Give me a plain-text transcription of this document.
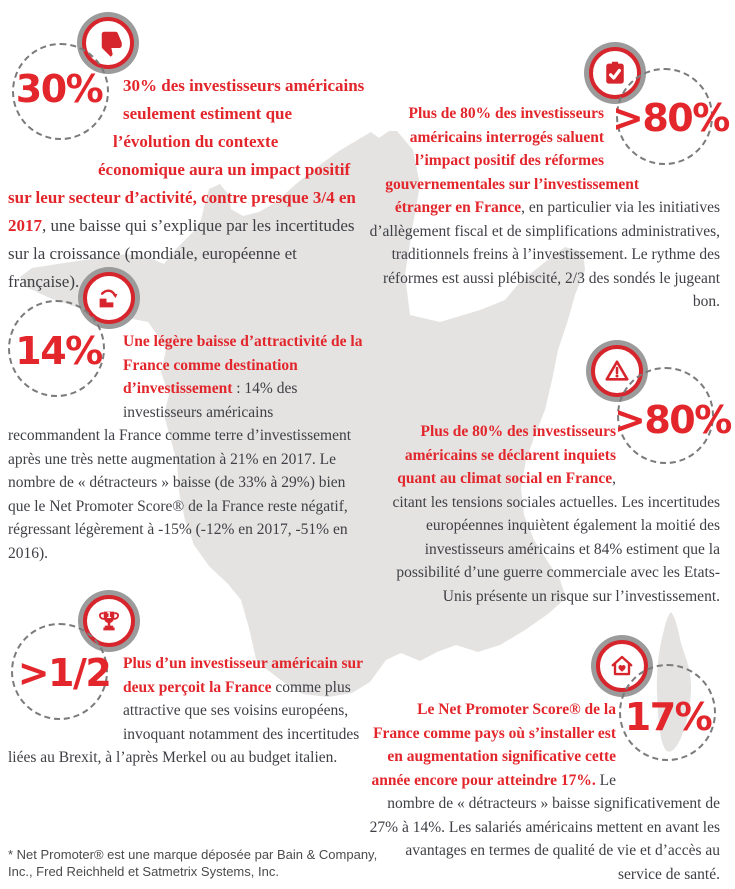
30%	30% des investisseurs américains seulement estiment que l’évolution du contexte économique aura un impact positif sur leur secteur d’activité, contre presque 3/4 en 2017, une baisse qui s’explique par les incertitudes sur la croissance (mondiale, européenne et française).

>80%

Plus de 80% des investisseurs américains interrogés saluent l’impact positif des réformes gouvernementales sur l’investissement étranger en France, en particulier via les initiatives d’allègement fiscal et de simplifications administratives, traditionnels freins à l’investissement. Le rythme des réformes est aussi plébiscité, 2/3 des sondés le jugeant bon.

14%	Une légère baisse d’attractivité de la France comme destination d’investissement : 14% des investisseurs américains recommandent la France comme terre d’investissement après une très nette augmentation à 21% en 2017. Le nombre de « détracteurs » baisse (de 33% à 29%) bien que le Net Promoter Score® de la France reste négatif, régressant légèrement à -15% (-12% en 2017, -51% en 2016).

>80%

Plus de 80% des investisseurs américains se déclarent inquiets quant au climat social en France, citant les tensions sociales actuelles. Les incertitudes européennes inquiètent également la moitié des investisseurs américains et 84% estiment que la possibilité d’une guerre commerciale avec les Etats-Unis présente un risque sur l’investissement.

1
>1/2 Plus d’un investisseur américain sur deux perçoit la France comme plus attractive que ses voisins européens, invoquant notamment des incertitudes liées au Brexit, à l’après Merkel ou au budget italien.

17%

Le Net Promoter Score® de la France comme pays où s’installer est en augmentation significative cette année encore pour atteindre 17%. Le nombre de « détracteurs » baisse significativement de 27% à 14%. Les salariés américains mettent en avant les avantages en termes de qualité de vie et d’accès au service de santé.

* Net Promoter® est une marque déposée par Bain & Company,
Inc., Fred Reichheld et Satmetrix Systems, Inc.
